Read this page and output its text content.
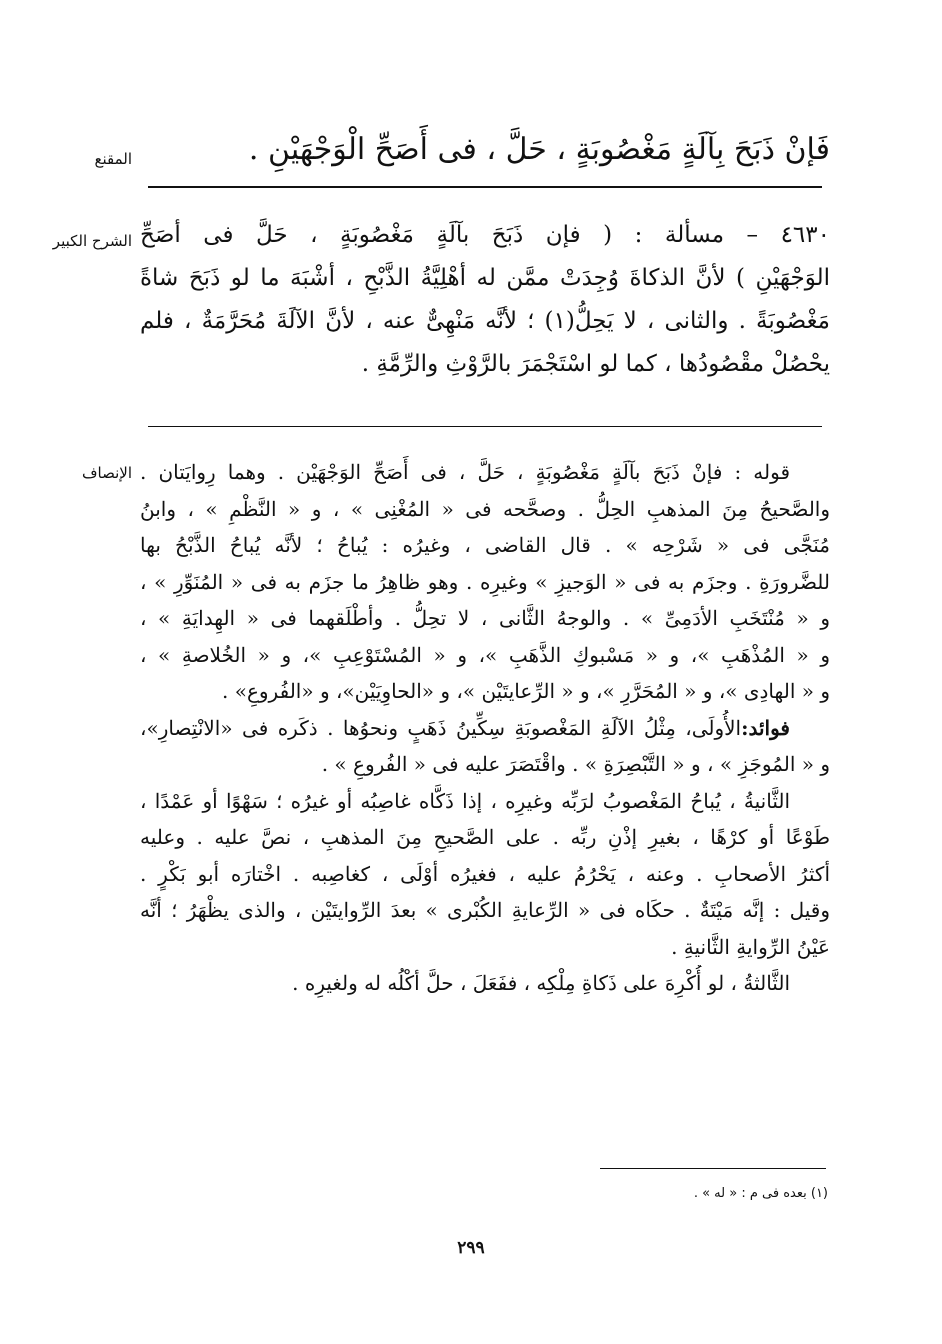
المقنع	فَإنْ ذَبَحَ بِآلَةٍ مَغْصُوبَةٍ ، حَلَّ ، فى أَصَحِّ الْوَجْهَيْنِ .
الشرح الكبير ٤٦٣٠ – مسألة : ( فإن ذَبَحَ بآلَةٍ مَغْصُوبَةٍ ، حَلَّ فى أصَحِّ
الوَجْهَيْنِ ) لأنَّ الذكاةَ وُجِدَتْ ممَّن له أهْلِيَّةُ الذَّبْحِ ، أشْبَهَ ما لو ذَبَحَ شاةً
مَغْصُوبَةً . والثانى ، لا يَحِلُّ(١) ؛ لأنَّه مَنْهِىٌّ عنه ، لأنَّ الآلَةَ مُحَرَّمَةٌ ، فلم
يحْصُلْ مقْصُودُها ، كما لو اسْتَجْمَرَ بالرَّوْثِ والرِّمَّةِ .
الإنصاف قوله : فإنْ ذَبَحَ بآلَةٍ مَغْصُوبَةٍ ، حَلَّ ، فى أَصَحِّ الوَجْهَيْن . وهما رِوايَتان .
والصَّحيحُ مِنَ المذهبِ الحِلُّ . وصحَّحه فى « المُغْنِى » ، و « النَّظْمِ » ، وابنُ
مُنَجَّى فى « شَرْحِه » . قال القاضى ، وغيرُه : يُباحُ ؛ لأنَّه يُباحُ الذَّبْحُ بها
للضَّرورَةِ . وجزَم به فى « الوَجيزِ » وغيرِه . وهو ظاهِرُ ما جزَم به فى « المُنَوِّرِ » ،
و « مُنْتَخَبِ الأدَمِىِّ » . والوجهُ الثَّانى ، لا تحِلُّ . وأطْلَقهما فى « الهِدايَةِ » ،
و « المُذْهَبِ »، و « مَسْبوكِ الذَّهَبِ »، و « المُسْتَوْعِبِ »، و « الخُلاصةِ » ،
و « الهادِى »، و « المُحَرَّرِ »، و « الرِّعايتَيْن »، و «الحاوِيَيْن»، و «الفُروعِ» .
فوائد:الأُولَى، مِثْلُ الآلَةِ المَغْصوبَةِ سِكِّينُ ذَهَبٍ ونحوُها . ذكَره فى «الانْتِصارِ»،
و « المُوجَزِ » ، و « التَّبْصِرَةِ » . واقْتَصَرَ عليه فى « الفُروعِ » .
الثَّانيةُ ، يُباحُ المَغْصوبُ لرَبِّه وغيرِه ، إذا ذَكَّاه غاصِبُه أو غيرُه ؛ سَهْوًا أو عَمْدًا ،
طَوْعًا أو كرْهًا ، بغيرِ إذْنِ ربِّه . على الصَّحيحِ مِنَ المذهبِ ، نصَّ عليه . وعليه
أكثرُ الأصحابِ . وعنه ، يَحْرُمُ عليه ، فغيرُه أوْلَى ، كغاصِبه . اخْتارَه أبو بَكْرٍ .
وقيل : إنَّه مَيْتَةٌ . حكَاه فى « الرِّعايةِ الكُبْرى » بعدَ الرِّوايتَيْن ، والذى يظْهَرُ ؛ أنَّه
عَيْنُ الرِّوايةِ الثَّانيةِ .
الثَّالثةُ ، لو أُكْرِهَ على ذَكاةِ مِلْكِه ، ففَعَلَ ، حلَّ أكْلُه له ولغيرِه .
(١) بعده فى م : « له » .
٢٩٩
